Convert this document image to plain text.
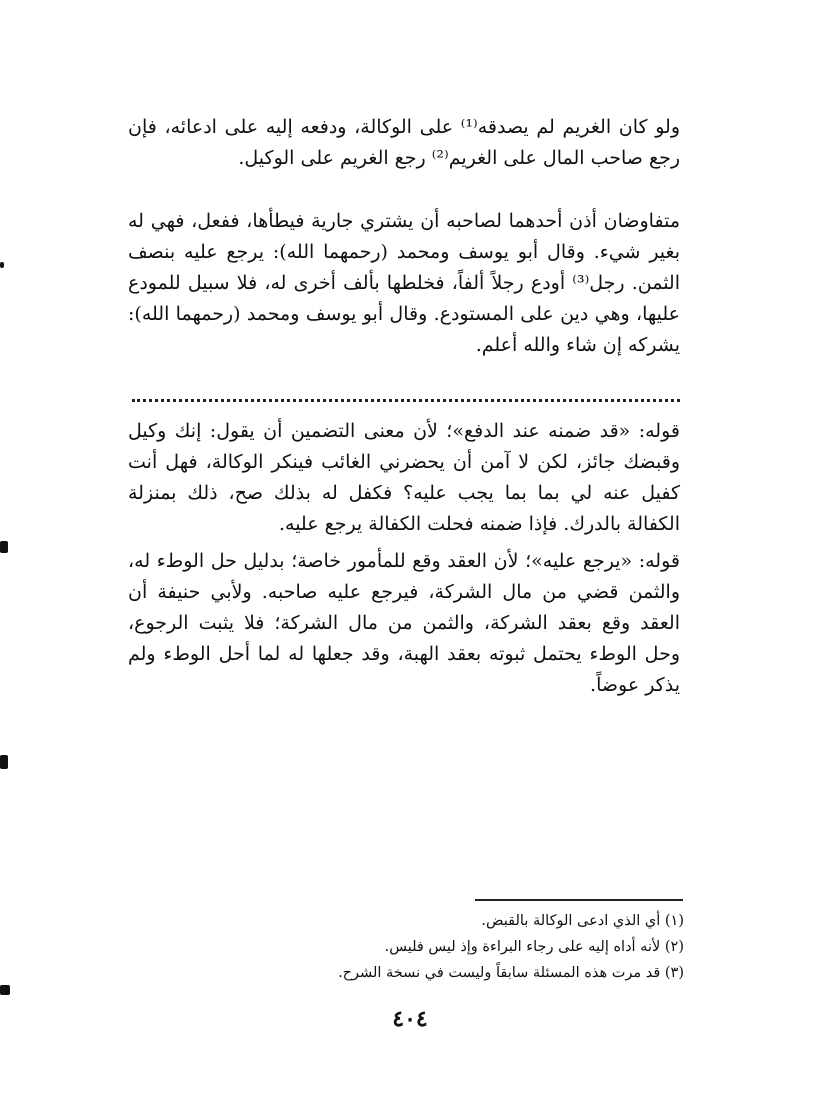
ولو كان الغريم لم يصدقه⁽¹⁾ على الوكالة، ودفعه إليه على ادعائه، فإن رجع صاحب المال على الغريم⁽²⁾ رجع الغريم على الوكيل.

متفاوضان أذن أحدهما لصاحبه أن يشتري جارية فيطأها، ففعل، فهي له بغير شيء. وقال أبو يوسف ومحمد (رحمهما الله): يرجع عليه بنصف الثمن. رجل⁽³⁾ أودع رجلاً ألفاً، فخلطها بألف أخرى له، فلا سبيل للمودع عليها، وهي دين على المستودع. وقال أبو يوسف ومحمد (رحمهما الله): يشركه إن شاء والله أعلم.

قوله: «قد ضمنه عند الدفع»؛ لأن معنى التضمين أن يقول: إنك وكيل وقبضك جائز، لكن لا آمن أن يحضرني الغائب فينكر الوكالة، فهل أنت كفيل عنه لي بما بما يجب عليه؟ فكفل له بذلك صح، ذلك بمنزلة الكفالة بالدرك. فإذا ضمنه فحلت الكفالة يرجع عليه.

قوله: «يرجع عليه»؛ لأن العقد وقع للمأمور خاصة؛ بدليل حل الوطء له، والثمن قضي من مال الشركة، فيرجع عليه صاحبه. ولأبي حنيفة أن العقد وقع بعقد الشركة، والثمن من مال الشركة؛ فلا يثبت الرجوع، وحل الوطء يحتمل ثبوته بعقد الهبة، وقد جعلها له لما أحل الوطء ولم يذكر عوضاً.

(١) أي الذي ادعى الوكالة بالقبض.
(٢) لأنه أداه إليه على رجاء البراءة وإذ ليس فليس.
(٣) قد مرت هذه المسئلة سابقاً وليست في نسخة الشرح.
٤٠٤
